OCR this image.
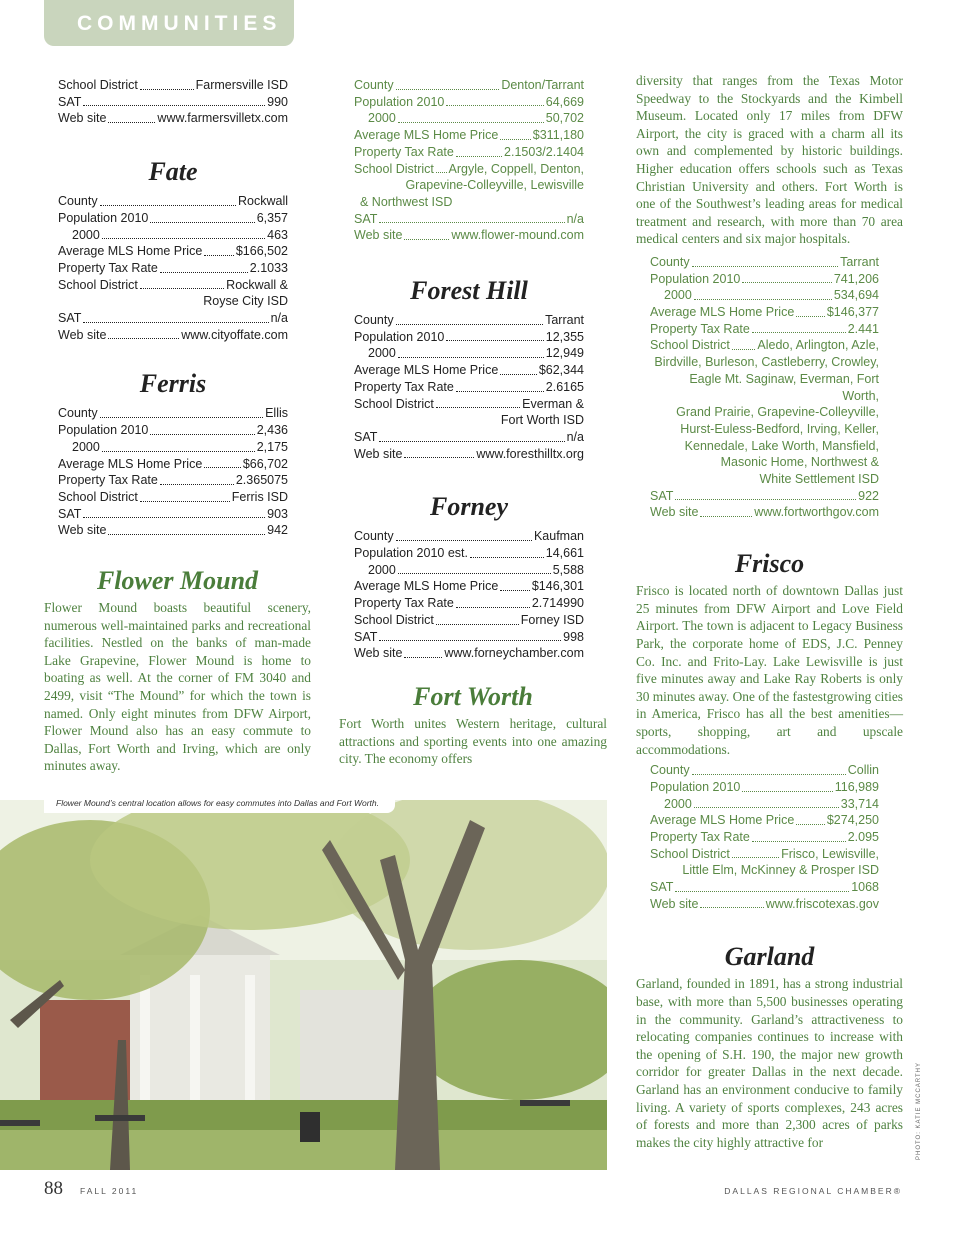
COMMUNITIES
School District	Farmersville ISD
SAT	990
Web site	www.farmersvilletx.com
Fate
County	Rockwall
Population 2010	6,357
2000	463
Average MLS Home Price	$166,502
Property Tax Rate	2.1033
School District	Rockwall &
Royse City ISD
SAT	n/a
Web site	www.cityoffate.com
Ferris
County	Ellis
Population 2010	2,436
2000	2,175
Average MLS Home Price	$66,702
Property Tax Rate	2.365075
School District	Ferris ISD
SAT	903
Web site	942
Flower Mound

Flower Mound boasts beautiful scenery, numerous well-maintained parks and recreational facilities. Nestled on the banks of man-made Lake Grapevine, Flower Mound is home to boating as well. At the corner of FM 3040 and 2499, visit “The Mound” for which the town is named. Only eight minutes from DFW Airport, Flower Mound also has an easy commute to Dallas, Fort Worth and Irving, which are only minutes away.

County	Denton/Tarrant
Population 2010	64,669
2000	50,702
Average MLS Home Price	$311,180
Property Tax Rate	2.1503/2.1404
School District Argyle, Coppell, Denton,
Grapevine-Colleyville, Lewisville
& Northwest ISD
SAT	n/a
Web site	www.flower-mound.com
Forest Hill
County	Tarrant
Population 2010	12,355
2000	12,949
Average MLS Home Price	$62,344
Property Tax Rate	2.6165
School District	Everman &
Fort Worth ISD
SAT	n/a
Web site	www.foresthilltx.org
Forney
County	Kaufman
Population 2010 est.	14,661
2000	5,588
Average MLS Home Price	$146,301
Property Tax Rate	2.714990
School District	Forney ISD
SAT	998
Web site	www.forneychamber.com
Fort Worth

Fort Worth unites Western heritage, cultural attractions and sporting events into one amazing city. The economy offers

diversity that ranges from the Texas Motor Speedway to the Stockyards and the Kimbell Museum. Located only 17 miles from DFW Airport, the city is graced with a charm all its own and complemented by historic buildings. Higher education offers schools such as Texas Christian University and others. Fort Worth is one of the Southwest’s leading areas for medical treatment and research, with more than 70 area medical centers and six major hospitals.

County	Tarrant
Population 2010	741,206
2000	534,694
Average MLS Home Price	$146,377
Property Tax Rate	2.441
School District Aledo, Arlington, Azle,
Birdville, Burleson, Castleberry, Crowley,
Eagle Mt. Saginaw, Everman, Fort Worth,
Grand Prairie, Grapevine-Colleyville,
Hurst-Euless-Bedford, Irving, Keller,
Kennedale, Lake Worth, Mansfield,
Masonic Home, Northwest &
White Settlement ISD
SAT	922
Web site	www.fortworthgov.com
Frisco

Frisco is located north of downtown Dallas just 25 minutes from DFW Airport and Love Field Airport. The town is adjacent to Legacy Business Park, the corporate home of EDS, J.C. Penney Co. Inc. and Frito-Lay. Lake Lewisville is just five minutes away and Lake Ray Roberts is only 30 minutes away. One of the fastestgrowing cities in America, Frisco has all the best amenities—sports, shopping, art and upscale accommodations.

County	Collin
Population 2010	116,989
2000	33,714
Average MLS Home Price	$274,250
Property Tax Rate	2.095
School District	Frisco, Lewisville,
Little Elm, McKinney & Prosper ISD
SAT	1068
Web site	www.friscotexas.gov
Garland

Garland, founded in 1891, has a strong industrial base, with more than 5,500 businesses operating in the community. Garland’s attractiveness to relocating companies continues to increase with the opening of S.H. 190, the major new growth corridor for greater Dallas in the next decade. Garland has an environment conducive to family living. A variety of sports complexes, 243 acres of forests and more than 2,300 acres of parks makes the city highly attractive for

Flower Mound’s central location allows for easy commutes into Dallas and Fort Worth.
PHOTO: KATIE MCCARTHY
88 FALL 2011	DALLAS REGIONAL CHAMBER®
